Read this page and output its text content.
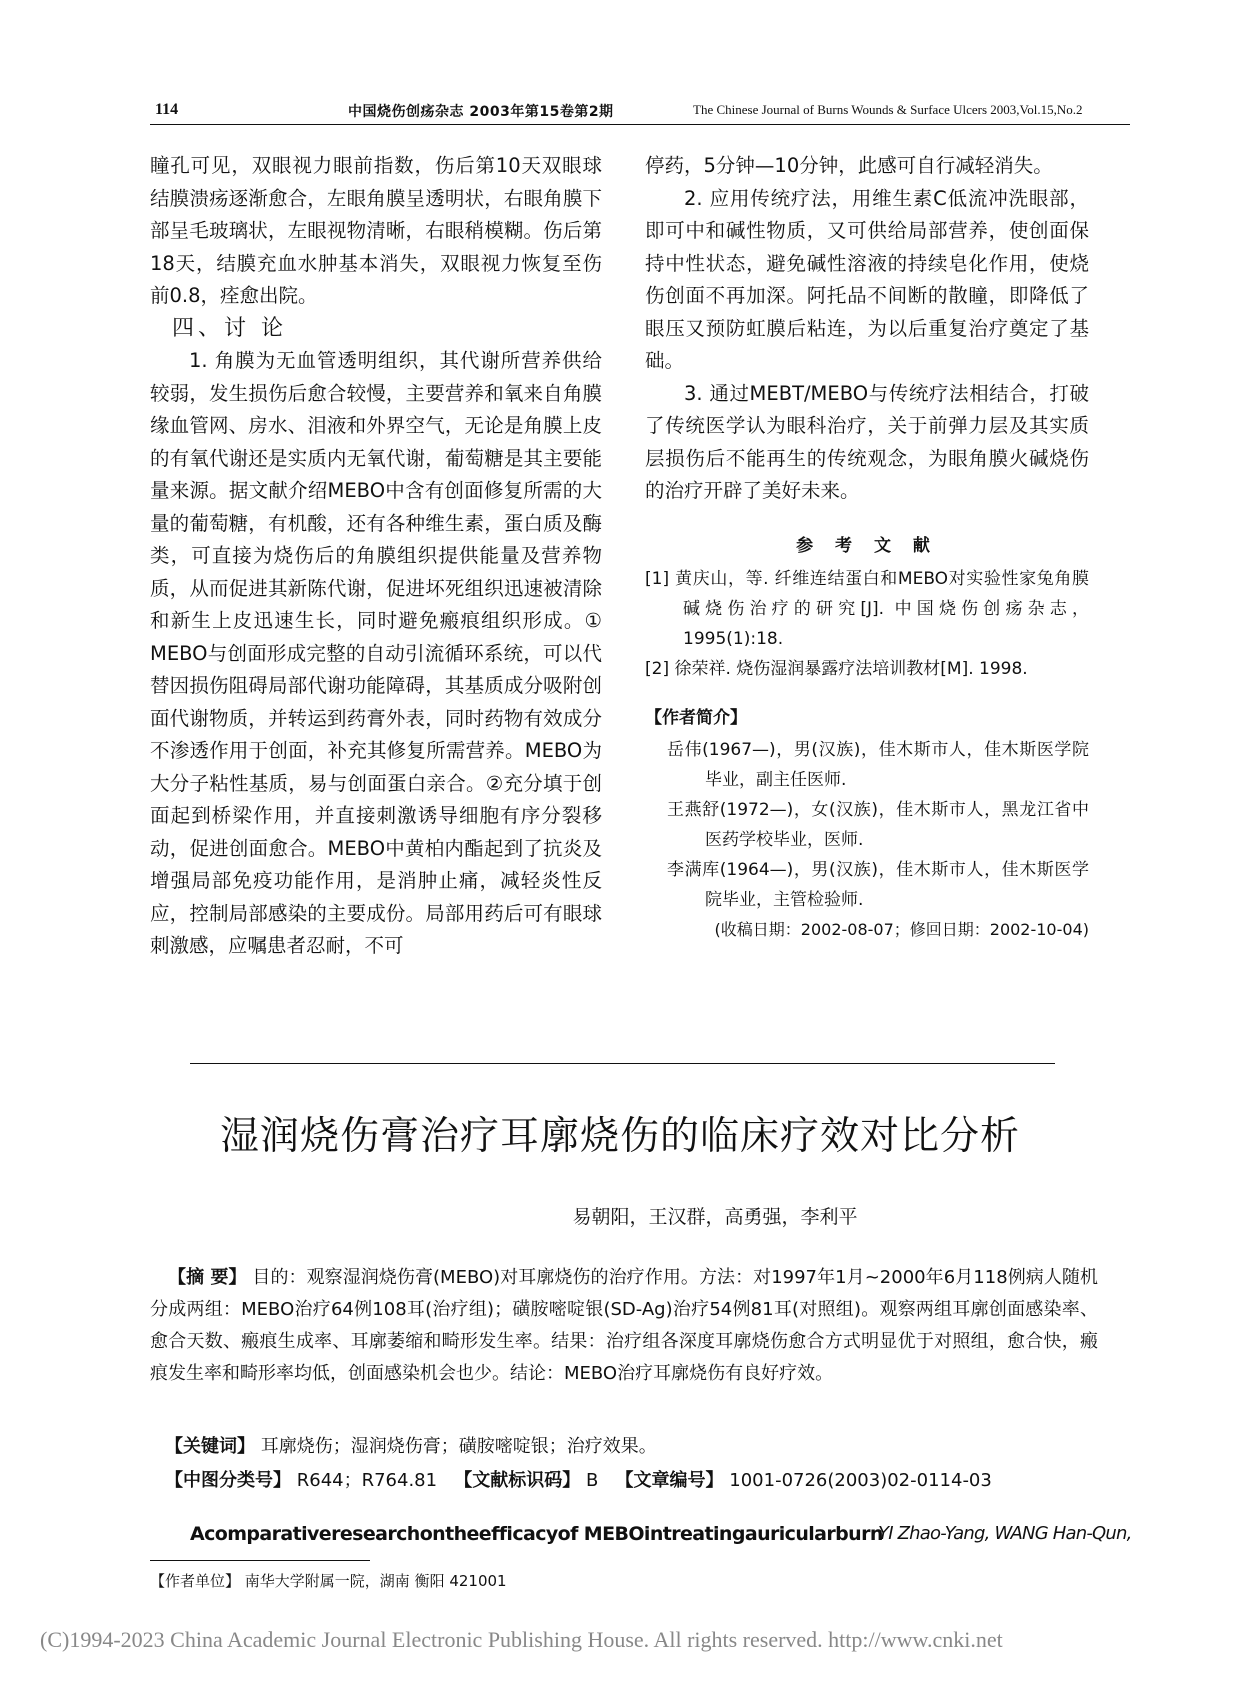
114	中国烧伤创疡杂志 2003年第15卷第2期	The Chinese Journal of Burns Wounds & Surface Ulcers 2003,Vol.15,No.2

瞳孔可见，双眼视力眼前指数，伤后第10天双眼球结膜溃疡逐渐愈合，左眼角膜呈透明状，右眼角膜下部呈毛玻璃状，左眼视物清晰，右眼稍模糊。伤后第18天，结膜充血水肿基本消失，双眼视力恢复至伤前0.8，痊愈出院。

四、讨 论

1. 角膜为无血管透明组织，其代谢所营养供给较弱，发生损伤后愈合较慢，主要营养和氧来自角膜缘血管网、房水、泪液和外界空气，无论是角膜上皮的有氧代谢还是实质内无氧代谢，葡萄糖是其主要能量来源。据文献介绍MEBO中含有创面修复所需的大量的葡萄糖，有机酸，还有各种维生素，蛋白质及酶类，可直接为烧伤后的角膜组织提供能量及营养物质，从而促进其新陈代谢，促进坏死组织迅速被清除和新生上皮迅速生长，同时避免瘢痕组织形成。① MEBO与创面形成完整的自动引流循环系统，可以代替因损伤阻碍局部代谢功能障碍，其基质成分吸附创面代谢物质，并转运到药膏外表，同时药物有效成分不渗透作用于创面，补充其修复所需营养。MEBO为大分子粘性基质，易与创面蛋白亲合。②充分填于创面起到桥梁作用，并直接刺激诱导细胞有序分裂移动，促进创面愈合。MEBO中黄柏内酯起到了抗炎及增强局部免疫功能作用，是消肿止痛，减轻炎性反应，控制局部感染的主要成份。局部用药后可有眼球刺激感，应嘱患者忍耐，不可

停药，5分钟—10分钟，此感可自行减轻消失。

2. 应用传统疗法，用维生素C低流冲洗眼部，即可中和碱性物质，又可供给局部营养，使创面保持中性状态，避免碱性溶液的持续皂化作用，使烧伤创面不再加深。阿托品不间断的散瞳，即降低了眼压又预防虹膜后粘连，为以后重复治疗奠定了基础。

3. 通过MEBT/MEBO与传统疗法相结合，打破了传统医学认为眼科治疗，关于前弹力层及其实质层损伤后不能再生的传统观念，为眼角膜火碱烧伤的治疗开辟了美好未来。

参 考 文 献
[1] 黄庆山，等. 纤维连结蛋白和MEBO对实验性家兔角膜碱烧伤治疗的研究[J]. 中国烧伤创疡杂志，1995(1):18.
[2] 徐荣祥. 烧伤湿润暴露疗法培训教材[M]. 1998.
【作者简介】
岳伟(1967—)，男(汉族)，佳木斯市人，佳木斯医学院毕业，副主任医师.
王燕舒(1972—)，女(汉族)，佳木斯市人，黑龙江省中医药学校毕业，医师.
李满库(1964—)，男(汉族)，佳木斯市人，佳木斯医学院毕业，主管检验师.
(收稿日期：2002-08-07；修回日期：2002-10-04)
湿润烧伤膏治疗耳廓烧伤的临床疗效对比分析
易朝阳，王汉群，高勇强，李利平

【摘 要】 目的：观察湿润烧伤膏(MEBO)对耳廓烧伤的治疗作用。方法：对1997年1月~2000年6月118例病人随机分成两组：MEBO治疗64例108耳(治疗组)；磺胺嘧啶银(SD-Ag)治疗54例81耳(对照组)。观察两组耳廓创面感染率、愈合天数、瘢痕生成率、耳廓萎缩和畸形发生率。结果：治疗组各深度耳廓烧伤愈合方式明显优于对照组，愈合快，瘢痕发生率和畸形率均低，创面感染机会也少。结论：MEBO治疗耳廓烧伤有良好疗效。

【关键词】 耳廓烧伤；湿润烧伤膏；磺胺嘧啶银；治疗效果。
【中图分类号】 R644；R764.81 【文献标识码】 B 【文章编号】 1001-0726(2003)02-0114-03
Acomparativeresearchontheefficacyof MEBOintreatingauricularburn
YI Zhao-Yang, WANG Han-Qun,
【作者单位】 南华大学附属一院，湖南 衡阳 421001
(C)1994-2023 China Academic Journal Electronic Publishing House. All rights reserved. http://www.cnki.net
